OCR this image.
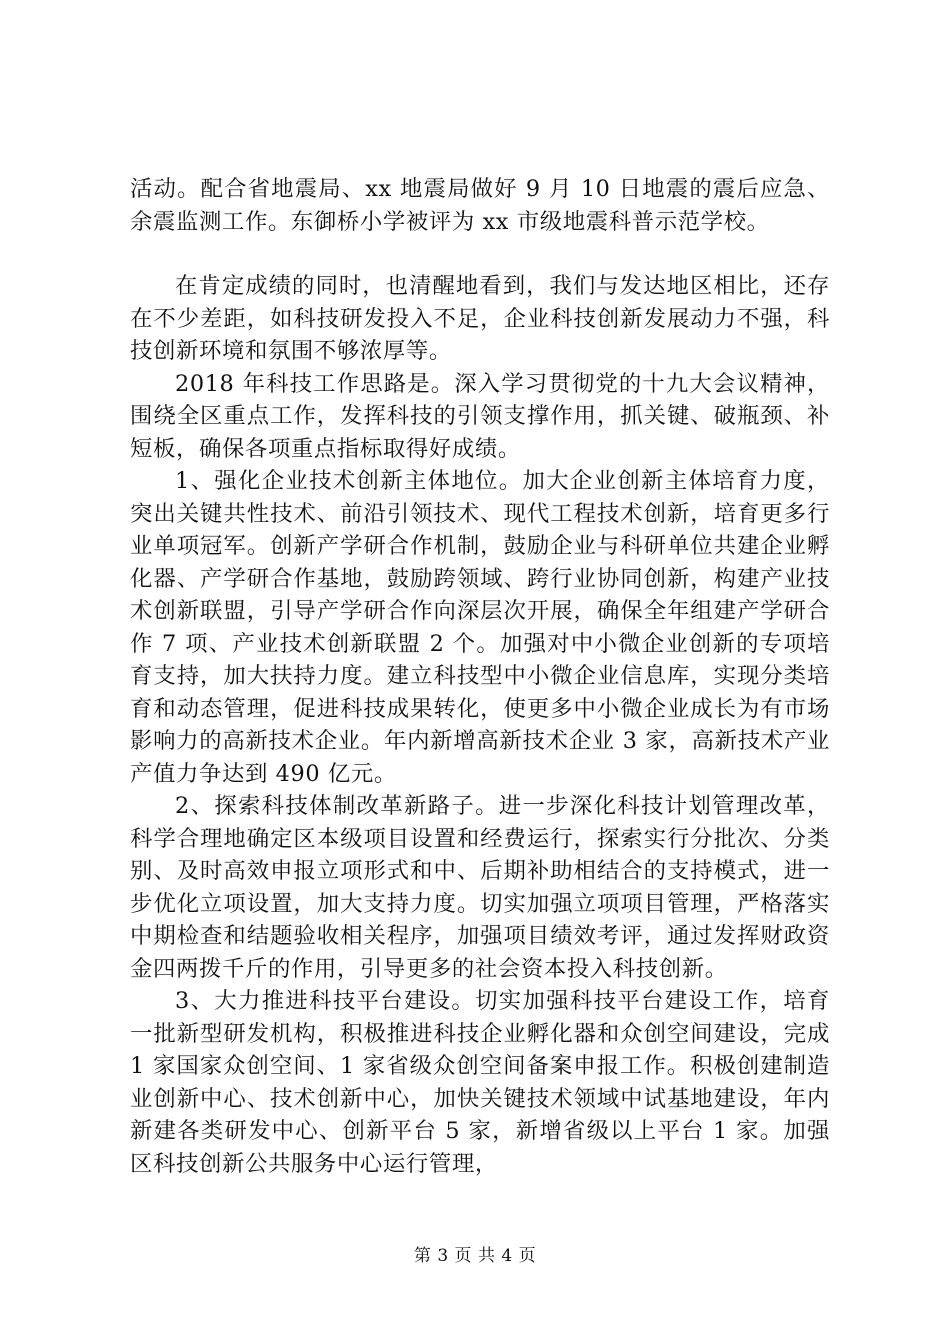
活动。配合省地震局、xx 地震局做好 9 月 10 日地震的震后应急、余震监测工作。东御桥小学被评为 xx 市级地震科普示范学校。

在肯定成绩的同时，也清醒地看到，我们与发达地区相比，还存在不少差距，如科技研发投入不足，企业科技创新发展动力不强，科技创新环境和氛围不够浓厚等。

2018 年科技工作思路是。深入学习贯彻党的十九大会议精神，围绕全区重点工作，发挥科技的引领支撑作用，抓关键、破瓶颈、补短板，确保各项重点指标取得好成绩。

1、强化企业技术创新主体地位。加大企业创新主体培育力度，突出关键共性技术、前沿引领技术、现代工程技术创新，培育更多行业单项冠军。创新产学研合作机制，鼓励企业与科研单位共建企业孵化器、产学研合作基地，鼓励跨领域、跨行业协同创新，构建产业技术创新联盟，引导产学研合作向深层次开展，确保全年组建产学研合作 7 项、产业技术创新联盟 2 个。加强对中小微企业创新的专项培育支持，加大扶持力度。建立科技型中小微企业信息库，实现分类培育和动态管理，促进科技成果转化，使更多中小微企业成长为有市场影响力的高新技术企业。年内新增高新技术企业 3 家，高新技术产业产值力争达到 490 亿元。

2、探索科技体制改革新路子。进一步深化科技计划管理改革，科学合理地确定区本级项目设置和经费运行，探索实行分批次、分类别、及时高效申报立项形式和中、后期补助相结合的支持模式，进一步优化立项设置，加大支持力度。切实加强立项项目管理，严格落实中期检查和结题验收相关程序，加强项目绩效考评，通过发挥财政资金四两拨千斤的作用，引导更多的社会资本投入科技创新。

3、大力推进科技平台建设。切实加强科技平台建设工作，培育一批新型研发机构，积极推进科技企业孵化器和众创空间建设，完成 1 家国家众创空间、1 家省级众创空间备案申报工作。积极创建制造业创新中心、技术创新中心，加快关键技术领域中试基地建设，年内新建各类研发中心、创新平台 5 家，新增省级以上平台 1 家。加强区科技创新公共服务中心运行管理，

第 3 页 共 4 页
